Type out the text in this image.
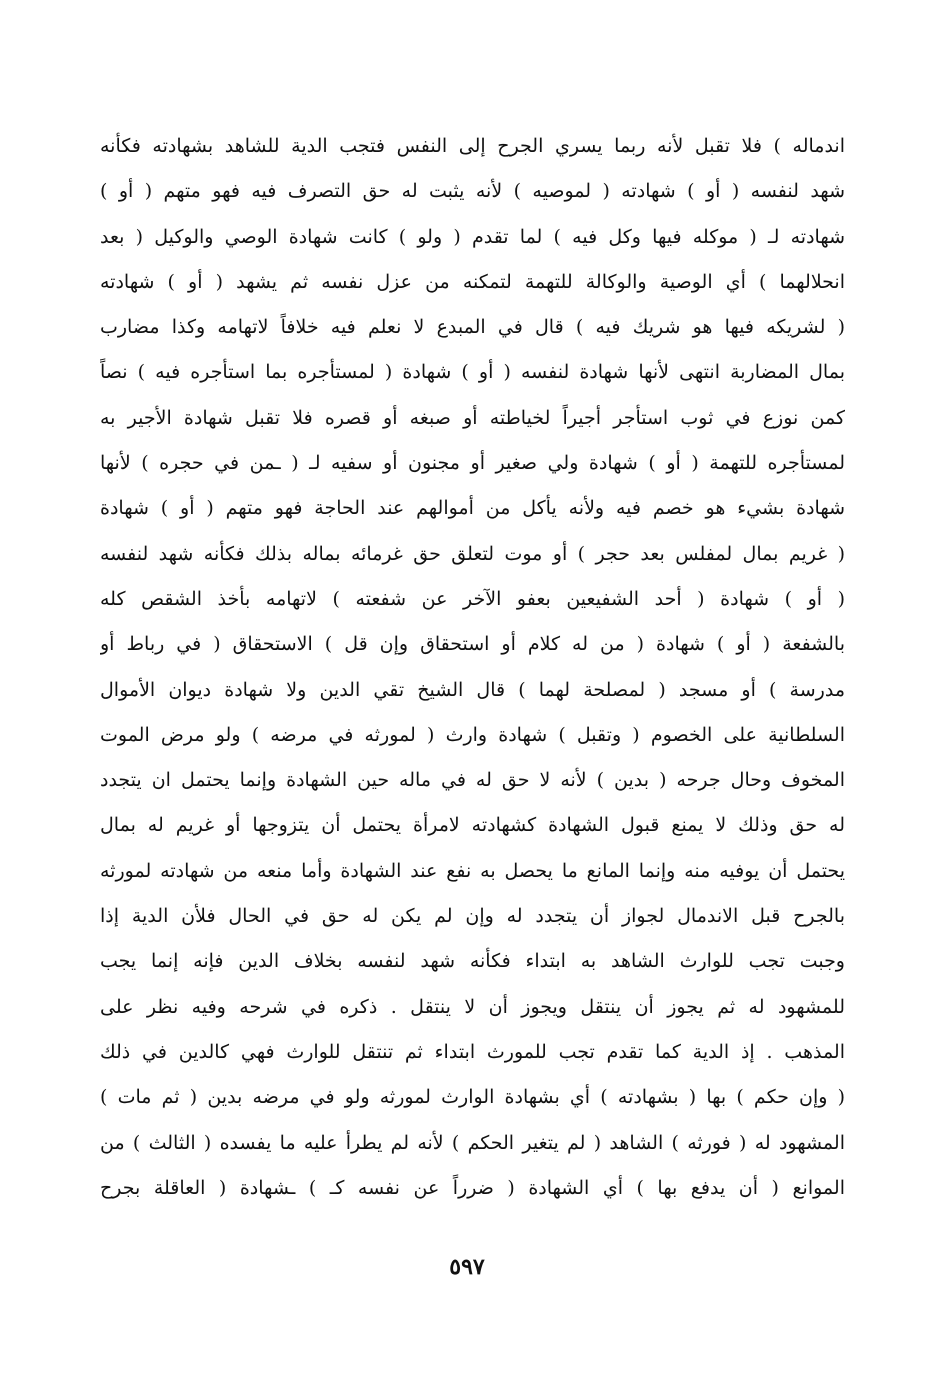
اندماله ) فلا تقبل لأنه ربما يسري الجرح إلى النفس فتجب الدية للشاهد بشهادته فكأنه
شهد لنفسه ( أو ) شهادته ( لموصيه ) لأنه يثبت له حق التصرف فيه فهو متهم ( أو )
شهادته لـ ( موكله فيها وكل فيه ) لما تقدم ( ولو ) كانت شهادة الوصي والوكيل ( بعد
انحلالهما ) أي الوصية والوكالة للتهمة لتمكنه من عزل نفسه ثم يشهد ( أو ) شهادته
( لشريكه فيها هو شريك فيه ) قال في المبدع لا نعلم فيه خلافاً لاتهامه وكذا مضارب
بمال المضاربة انتهى لأنها شهادة لنفسه ( أو ) شهادة ( لمستأجره بما استأجره فيه ) نصاً
كمن نوزع في ثوب استأجر أجيراً لخياطته أو صبغه أو قصره فلا تقبل شهادة الأجير به
لمستأجره للتهمة ( أو ) شهادة ولي صغير أو مجنون أو سفيه لـ ( ـمن في حجره ) لأنها
شهادة بشيء هو خصم فيه ولأنه يأكل من أموالهم عند الحاجة فهو متهم ( أو ) شهادة
( غريم بمال لمفلس بعد حجر ) أو موت لتعلق حق غرمائه بماله بذلك فكأنه شهد لنفسه
( أو ) شهادة ( أحد الشفيعين بعفو الآخر عن شفعته ) لاتهامه بأخذ الشقص كله
بالشفعة ( أو ) شهادة ( من له كلام أو استحقاق وإن قل ) الاستحقاق ( في رباط أو
مدرسة ) أو مسجد ( لمصلحة لهما ) قال الشيخ تقي الدين ولا شهادة ديوان الأموال
السلطانية على الخصوم ( وتقبل ) شهادة وارث ( لمورثه في مرضه ) ولو مرض الموت
المخوف وحال جرحه ( بدين ) لأنه لا حق له في ماله حين الشهادة وإنما يحتمل ان يتجدد
له حق وذلك لا يمنع قبول الشهادة كشهادته لامرأة يحتمل أن يتزوجها أو غريم له بمال
يحتمل أن يوفيه منه وإنما المانع ما يحصل به نفع عند الشهادة وأما منعه من شهادته لمورثه
بالجرح قبل الاندمال لجواز أن يتجدد له وإن لم يكن له حق في الحال فلأن الدية إذا
وجبت تجب للوارث الشاهد به ابتداء فكأنه شهد لنفسه بخلاف الدين فإنه إنما يجب
للمشهود له ثم يجوز أن ينتقل ويجوز أن لا ينتقل . ذكره في شرحه وفيه نظر على
المذهب . إذ الدية كما تقدم تجب للمورث ابتداء ثم تنتقل للوارث فهي كالدين في ذلك
( وإن حكم ) بها ( بشهادته ) أي بشهادة الوارث لمورثه ولو في مرضه بدين ( ثم مات )
المشهود له ( فورثه ) الشاهد ( لم يتغير الحكم ) لأنه لم يطرأ عليه ما يفسده ( الثالث ) من
الموانع ( أن يدفع بها ) أي الشهادة ( ضرراً عن نفسه كـ ) ـشهادة ( العاقلة بجرح
٥٩٧
